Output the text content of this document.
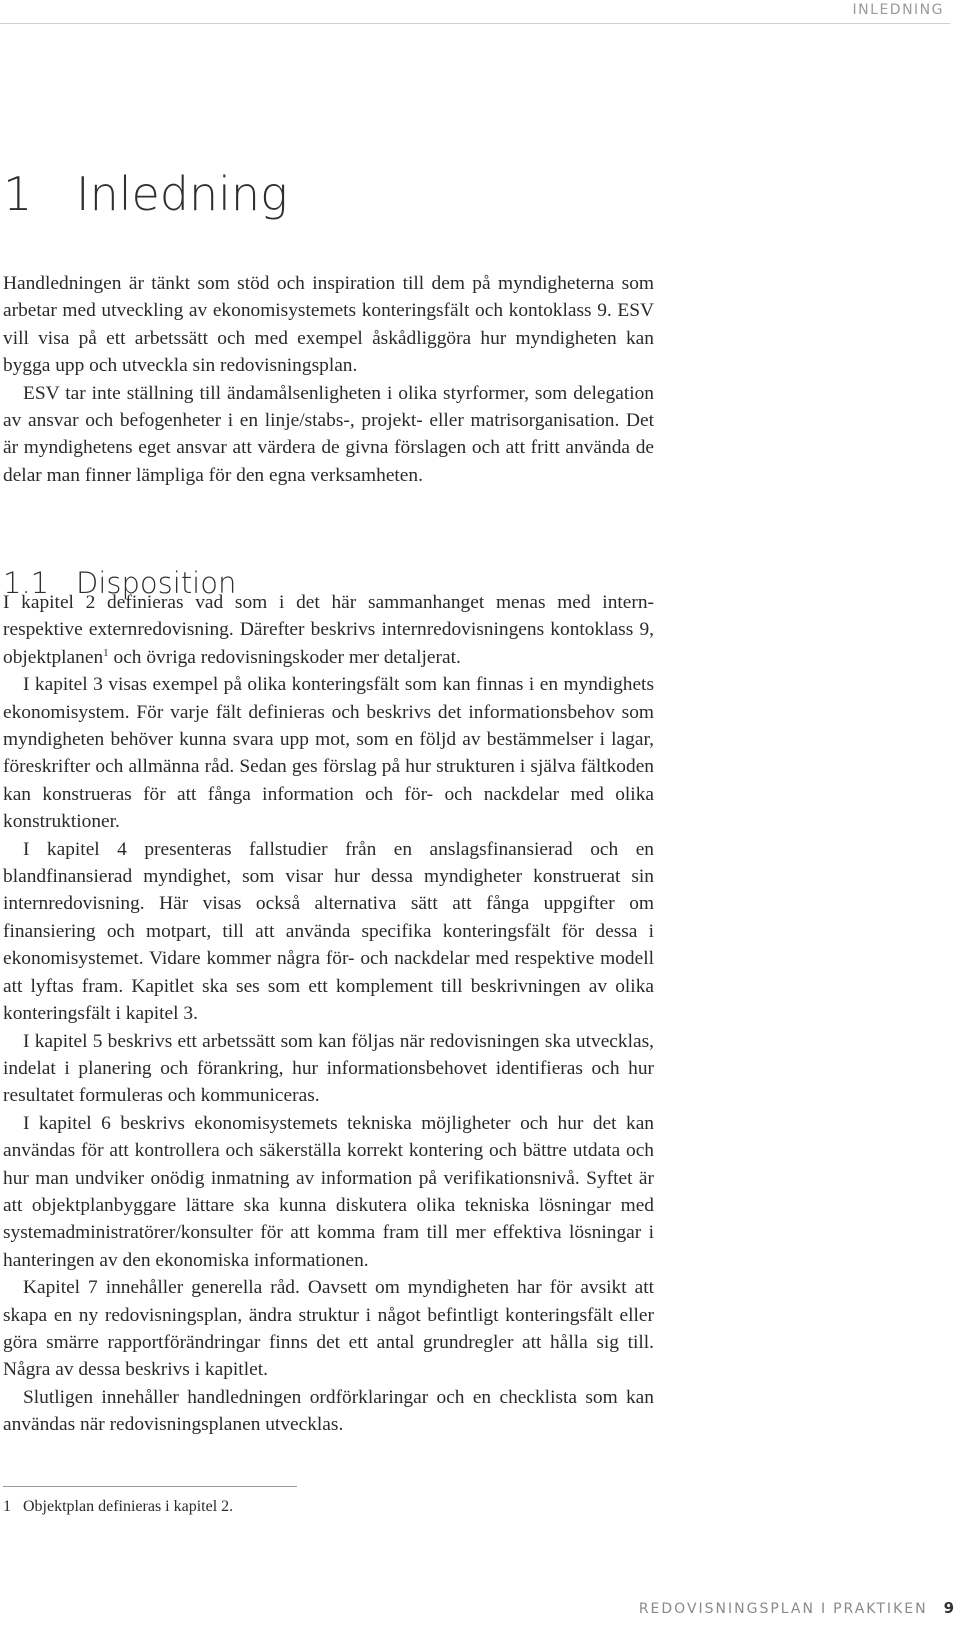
INLEDNING
1 Inledning

Handledningen är tänkt som stöd och inspiration till dem på myndigheterna som arbetar med utveckling av ekonomisystemets konteringsfält och kontoklass 9. ESV vill visa på ett arbetssätt och med exempel åskådliggöra hur myndigheten kan bygga upp och utveckla sin redovisningsplan.

ESV tar inte ställning till ändamålsenligheten i olika styrformer, som delegation av ansvar och befogenheter i en linje/stabs-, projekt- eller matrisorganisation. Det är myndighetens eget ansvar att värdera de givna förslagen och att fritt använda de delar man finner lämpliga för den egna verksamheten.

1.1 Disposition

I kapitel 2 definieras vad som i det här sammanhanget menas med intern- respektive externredovisning. Därefter beskrivs internredovisningens kontoklass 9, objektplanen$^1$ och övriga redovisningskoder mer detaljerat.

I kapitel 3 visas exempel på olika konteringsfält som kan finnas i en myndighets ekonomisystem. För varje fält definieras och beskrivs det informationsbehov som myndigheten behöver kunna svara upp mot, som en följd av bestämmelser i lagar, föreskrifter och allmänna råd. Sedan ges förslag på hur strukturen i själva fältkoden kan konstrueras för att fånga information och för- och nackdelar med olika konstruktioner.

I kapitel 4 presenteras fallstudier från en anslagsfinansierad och en blandfinansierad myndighet, som visar hur dessa myndigheter konstruerat sin internredovisning. Här visas också alternativa sätt att fånga uppgifter om finansiering och motpart, till att använda specifika konteringsfält för dessa i ekonomisystemet. Vidare kommer några för- och nackdelar med respektive modell att lyftas fram. Kapitlet ska ses som ett komplement till beskrivningen av olika konteringsfält i kapitel 3.

I kapitel 5 beskrivs ett arbetssätt som kan följas när redovisningen ska utvecklas, indelat i planering och förankring, hur informationsbehovet identifieras och hur resultatet formuleras och kommuniceras.

I kapitel 6 beskrivs ekonomisystemets tekniska möjligheter och hur det kan användas för att kontrollera och säkerställa korrekt kontering och bättre utdata och hur man undviker onödig inmatning av information på verifikationsnivå. Syftet är att objektplanbyggare lättare ska kunna diskutera olika tekniska lösningar med systemadministratörer/konsulter för att komma fram till mer effektiva lösningar i hanteringen av den ekonomiska informationen.

Kapitel 7 innehåller generella råd. Oavsett om myndigheten har för avsikt att skapa en ny redovisningsplan, ändra struktur i något befintligt konteringsfält eller göra smärre rapportförändringar finns det ett antal grundregler att hålla sig till. Några av dessa beskrivs i kapitlet.

Slutligen innehåller handledningen ordförklaringar och en checklista som kan användas när redovisningsplanen utvecklas.

1 Objektplan definieras i kapitel 2.
REDOVISNINGSPLAN I PRAKTIKEN 9
